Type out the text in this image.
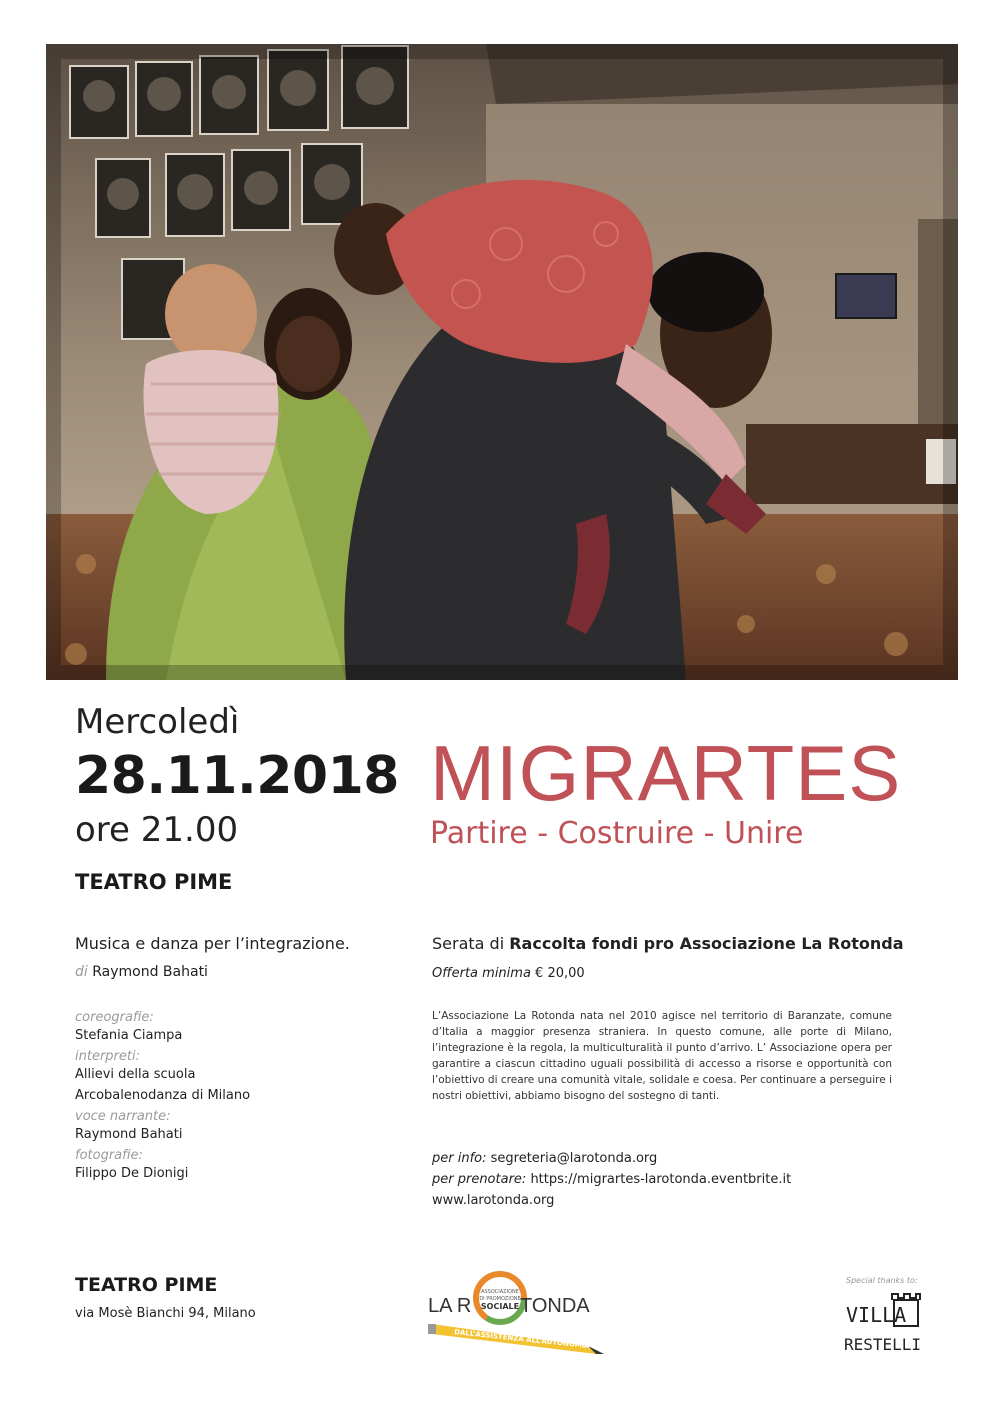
Mercoledì
28.11.2018
ore 21.00
TEATRO PIME
Musica e danza per l’integrazione.
di Raymond Bahati
coreografie:
Stefania Ciampa
interpreti:
Allievi della scuola
Arcobalenodanza di Milano
voce narrante:
Raymond Bahati
fotografie:
Filippo De Dionigi
MIGRARTES
Partire - Costruire - Unire
Serata di Raccolta fondi pro Associazione La Rotonda
Offerta minima € 20,00
L’Associazione La Rotonda nata nel 2010 agisce nel territorio di Baranzate, comune d’Italia a maggior presenza straniera. In questo comune, alle porte di Milano, l’integrazione è la regola, la multiculturalità il punto d’arrivo. L’ Associazione opera per garantire a ciascun cittadino uguali possibilità di accesso a risorse e opportunità con l’obiettivo di creare una comunità vitale, solidale e coesa. Per continuare a perseguire i nostri obiettivi, abbiamo bisogno del sostegno di tanti.
per info: segreteria@larotonda.org
per prenotare: https://migrartes-larotonda.eventbrite.it
www.larotonda.org
TEATRO PIME
via Mosè Bianchi 94, Milano	LA R
ASSOCIAZIONE
DI PROMOZIONE
SOCIALE TONDA
DALL’ASSISTENZA ALL’AUTONOMIA
Special thanks to:
VILLA
RESTELLI
